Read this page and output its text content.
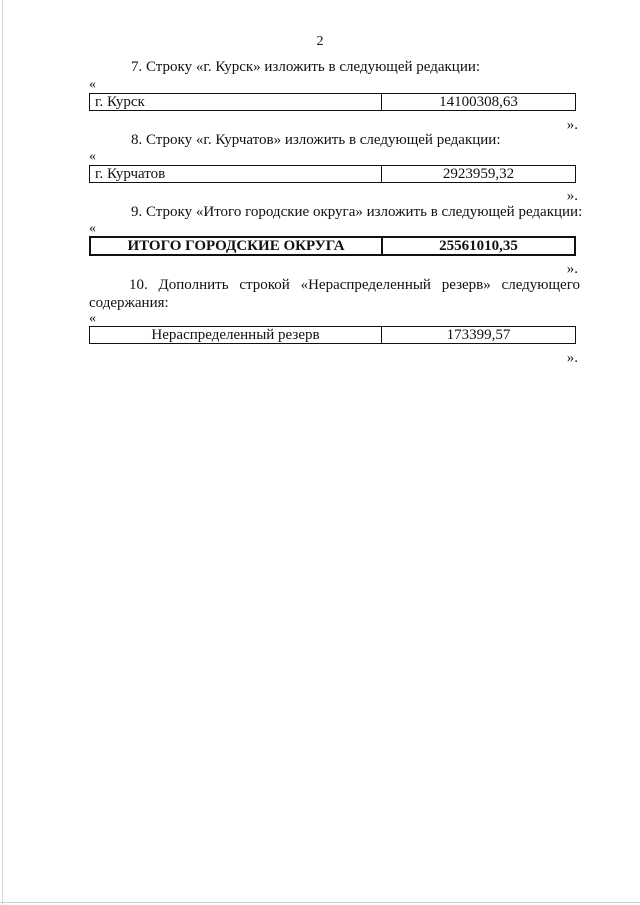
2
7. Строку «г. Курск» изложить в следующей редакции:
«
г. Курск	14100308,63
».
8. Строку «г. Курчатов» изложить в следующей редакции:
«
г. Курчатов	2923959,32
».
9. Строку «Итого городские округа» изложить в следующей редакции:
«
ИТОГО ГОРОДСКИЕ ОКРУГА	25561010,35
».
10. Дополнить строкой «Нераспределенный резерв» следующего содержания:
«
Нераспределенный резерв	173399,57
».
